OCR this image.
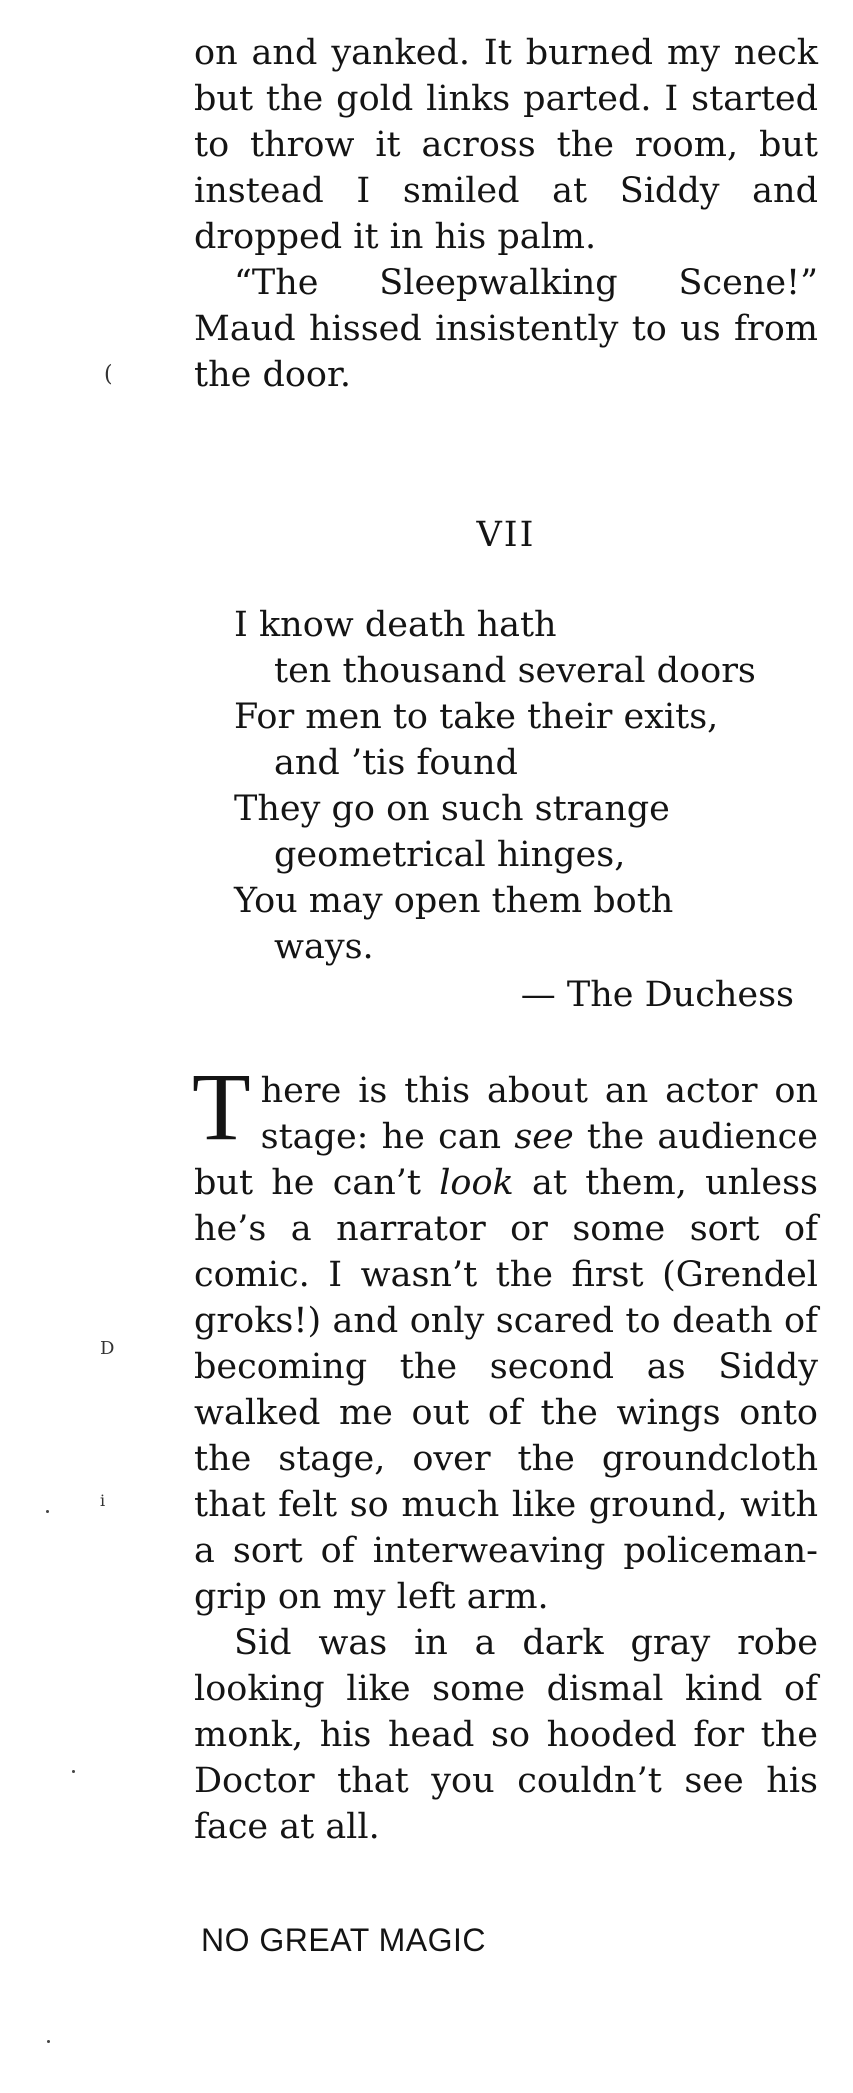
on and yanked. It burned my neck but the gold links parted. I started to throw it across the room, but instead I smiled at Siddy and dropped it in his palm.

“The Sleepwalking Scene!” Maud hissed insistently to us from the door.

VII

I know death hath

ten thousand several doors

For men to take their exits,

and ’tis found

They go on such strange

geometrical hinges,

You may open them both

ways.

— The Duchess

There is this about an actor on stage: he can see the audience but he can’t look at them, unless he’s a narrator or some sort of comic. I wasn’t the first (Grendel groks!) and only scared to death of becoming the second as Siddy walked me out of the wings onto the stage, over the groundcloth that felt so much like ground, with a sort of interweaving policeman-grip on my left arm.

Sid was in a dark gray robe looking like some dismal kind of monk, his head so hooded for the Doctor that you couldn’t see his face at all.

NO GREAT MAGIC
(
D
i
